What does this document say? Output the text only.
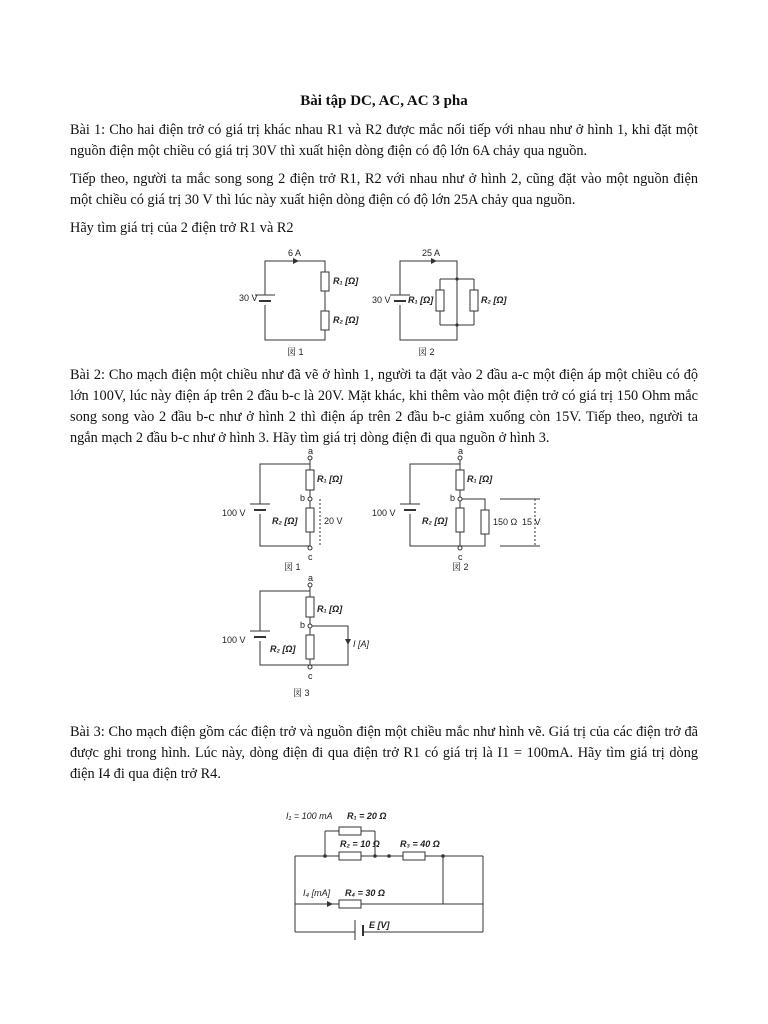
Bài tập DC, AC, AC 3 pha

Bài 1: Cho hai điện trở có giá trị khác nhau R1 và R2 được mắc nối tiếp với nhau như ở hình 1, khi đặt một nguồn điện một chiều có giá trị 30V thì xuất hiện dòng điện có độ lớn 6A chảy qua nguồn.

Tiếp theo, người ta mắc song song 2 điện trở R1, R2 với nhau như ở hình 2, cũng đặt vào một nguồn điện một chiều có giá trị 30 V thì lúc này xuất hiện dòng điện có độ lớn 25A chảy qua nguồn.

Hãy tìm giá trị của 2 điện trở R1 và R2

6 A
30 V
R₁ [Ω]
R₂ [Ω]
図 1
25 A
30 V R₁ [Ω]	R₂ [Ω]
図 2

Bài 2: Cho mạch điện một chiều như đã vẽ ở hình 1, người ta đặt vào 2 đầu a-c một điện áp một chiều có độ lớn 100V, lúc này điện áp trên 2 đầu b-c là 20V. Mặt khác, khi thêm vào một điện trở có giá trị 150 Ohm mắc song song vào 2 đầu b-c như ở hình 2 thì điện áp trên 2 đầu b-c giảm xuống còn 15V. Tiếp theo, người ta ngắn mạch 2 đầu b-c như ở hình 3. Hãy tìm giá trị dòng điện đi qua nguồn ở hình 3.

a
b
c
100 V
R₁ [Ω]
R₂ [Ω]	20 V
図 1
a
b
c
100 V
R₁ [Ω]
R₂ [Ω]	150 Ω 15 V
図 2
a
b
c
100 V
R₁ [Ω]
R₂ [Ω]	I [A]
図 3

Bài 3: Cho mạch điện gồm các điện trở và nguồn điện một chiều mắc như hình vẽ. Giá trị của các điện trở đã được ghi trong hình. Lúc này, dòng điện đi qua điện trở R1 có giá trị là I1 = 100mA. Hãy tìm giá trị dòng điện I4 đi qua điện trở R4.

I₁ = 100 mA R₁ = 20 Ω
R₂ = 10 Ω R₃ = 40 Ω
I₄ [mA] R₄ = 30 Ω
E [V]
